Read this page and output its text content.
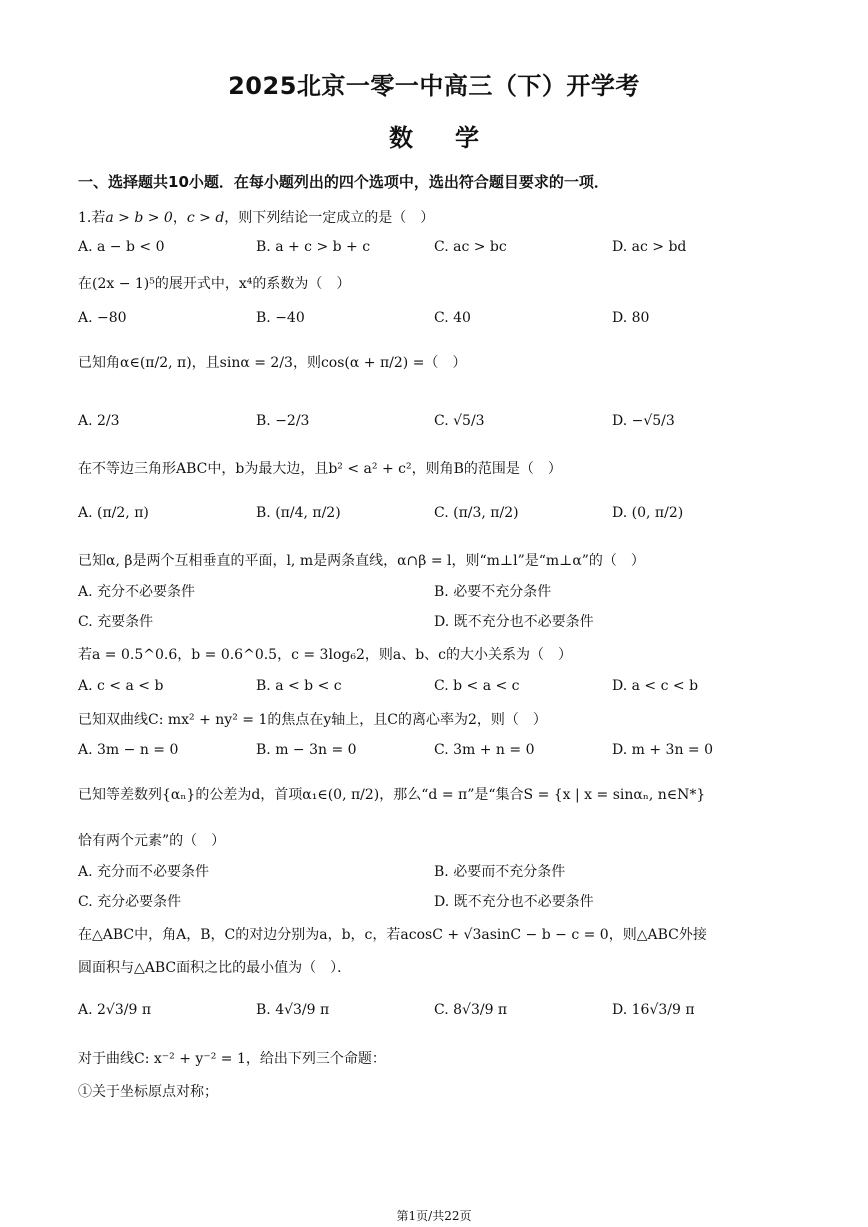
2025北京一零一中高三（下）开学考
数学
一、选择题共10小题．在每小题列出的四个选项中，选出符合题目要求的一项．
1.若a > b > 0，c > d，则下列结论一定成立的是（　）
A. a − b < 0	B. a + c > b + c	C. ac > bc	D. ac > bd
在(2x − 1)⁵的展开式中，x⁴的系数为（　）
A. −80	B. −40	C. 40	D. 80
已知角α∈(π/2, π)，且sinα = 2/3，则cos(α + π/2) =（　）
A. 2/3	B. −2/3	C. √5/3	D. −√5/3
在不等边三角形ABC中，b为最大边，且b² < a² + c²，则角B的范围是（　）
A. (π/2, π)	B. (π/4, π/2)	C. (π/3, π/2)	D. (0, π/2)
已知α, β是两个互相垂直的平面，l, m是两条直线，α∩β = l，则“m⊥l”是“m⊥α”的（　）
A. 充分不必要条件	B. 必要不充分条件
C. 充要条件	D. 既不充分也不必要条件
若a = 0.5^0.6，b = 0.6^0.5，c = 3log₆2，则a、b、c的大小关系为（　）
A. c < a < b	B. a < b < c	C. b < a < c	D. a < c < b
已知双曲线C: mx² + ny² = 1的焦点在y轴上，且C的离心率为2，则（　）
A. 3m − n = 0	B. m − 3n = 0	C. 3m + n = 0	D. m + 3n = 0
已知等差数列{αₙ}的公差为d，首项α₁∈(0, π/2)，那么“d = π”是“集合S = {x | x = sinαₙ, n∈N*}
恰有两个元素”的（　）
A. 充分而不必要条件	B. 必要而不充分条件
C. 充分必要条件	D. 既不充分也不必要条件
在△ABC中，角A，B，C的对边分别为a，b，c，若acosC + √3asinC − b − c = 0，则△ABC外接
圆面积与△ABC面积之比的最小值为（　）．
A. 2√3/9 π	B. 4√3/9 π	C. 8√3/9 π	D. 16√3/9 π
对于曲线C: x⁻² + y⁻² = 1，给出下列三个命题：
①关于坐标原点对称；
第1页/共22页
